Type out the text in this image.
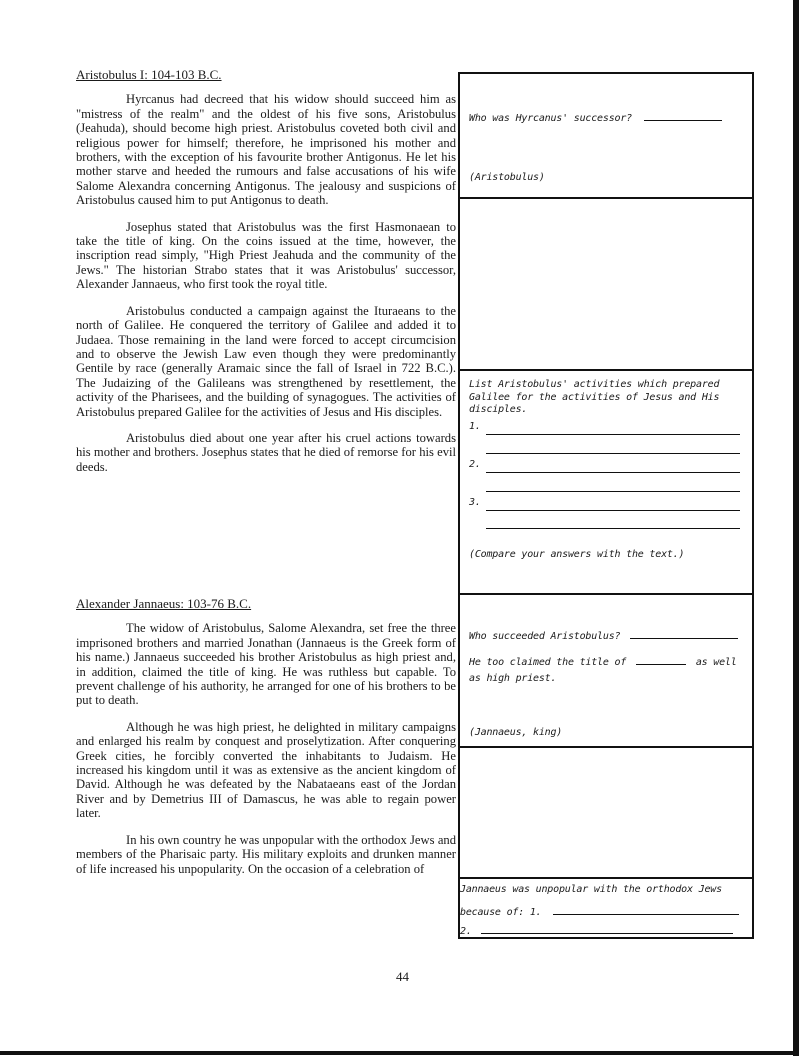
Aristobulus I: 104-103 B.C.

Hyrcanus had decreed that his widow should succeed him as "mistress of the realm" and the oldest of his five sons, Aristobulus (Jeahuda), should become high priest. Aristobulus coveted both civil and religious power for himself; therefore, he imprisoned his mother and brothers, with the exception of his favourite brother Antigonus. He let his mother starve and heeded the rumours and false accusations of his wife Salome Alexandra concerning Antigonus. The jealousy and suspicions of Aristobulus caused him to put Antigonus to death.

Josephus stated that Aristobulus was the first Hasmonaean to take the title of king. On the coins issued at the time, however, the inscription read simply, "High Priest Jeahuda and the community of the Jews." The historian Strabo states that it was Aristobulus' successor, Alexander Jannaeus, who first took the royal title.

Aristobulus conducted a campaign against the Ituraeans to the north of Galilee. He conquered the territory of Galilee and added it to Judaea. Those remaining in the land were forced to accept circumcision and to observe the Jewish Law even though they were predominantly Gentile by race (generally Aramaic since the fall of Israel in 722 B.C.). The Judaizing of the Galileans was strengthened by resettlement, the activity of the Pharisees, and the building of synagogues. The activities of Aristobulus prepared Galilee for the activities of Jesus and His disciples.

Aristobulus died about one year after his cruel actions towards his mother and brothers. Josephus states that he died of remorse for his evil deeds.

Alexander Jannaeus: 103-76 B.C.

The widow of Aristobulus, Salome Alexandra, set free the three imprisoned brothers and married Jonathan (Jannaeus is the Greek form of his name.) Jannaeus succeeded his brother Aristobulus as high priest and, in addition, claimed the title of king. He was ruthless but capable. To prevent challenge of his authority, he arranged for one of his brothers to be put to death.

Although he was high priest, he delighted in military campaigns and enlarged his realm by conquest and proselytization. After conquering Greek cities, he forcibly converted the inhabitants to Judaism. He increased his kingdom until it was as extensive as the ancient kingdom of David. Although he was defeated by the Nabataeans east of the Jordan River and by Demetrius III of Damascus, he was able to regain power later.

In his own country he was unpopular with the orthodox Jews and members of the Pharisaic party. His military exploits and drunken manner of life increased his unpopularity. On the occasion of a celebration of

Who was Hyrcanus' successor?
(Aristobulus)
List Aristobulus' activities which prepared
Galilee for the activities of Jesus and His
disciples.
1.
2.
3.
(Compare your answers with the text.)
Who succeeded Aristobulus?
He too claimed the title of	as well
as high priest.
(Jannaeus, king)
Jannaeus was unpopular with the orthodox Jews
because of: 1.
2.
44
